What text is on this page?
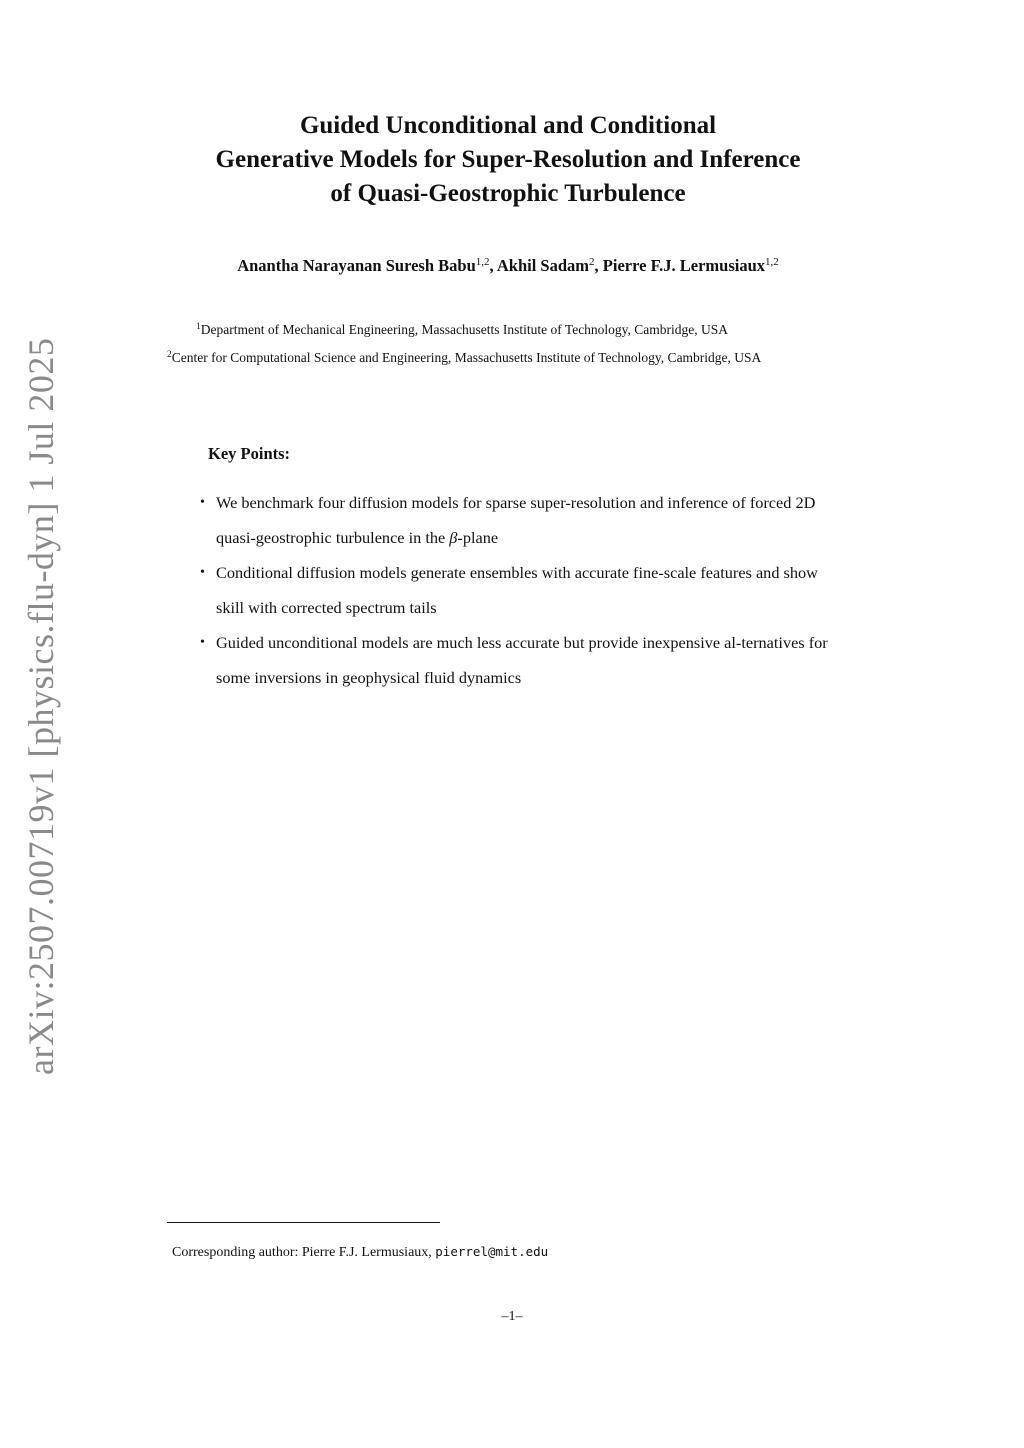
arXiv:2507.00719v1 [physics.flu-dyn] 1 Jul 2025
Guided Unconditional and Conditional
Generative Models for Super-Resolution and Inference
of Quasi-Geostrophic Turbulence
Anantha Narayanan Suresh Babu$^{1,2}$, Akhil Sadam$^2$, Pierre F.J. Lermusiaux$^{1,2}$
$^1$Department of Mechanical Engineering, Massachusetts Institute of Technology, Cambridge, USA
$^2$Center for Computational Science and Engineering, Massachusetts Institute of Technology, Cambridge, USA
Key Points:
• We benchmark four diffusion models for sparse super-resolution and inference of forced 2D quasi-geostrophic turbulence in the β-plane
• Conditional diffusion models generate ensembles with accurate fine-scale features and show skill with corrected spectrum tails
• Guided unconditional models are much less accurate but provide inexpensive al-ternatives for some inversions in geophysical fluid dynamics
Corresponding author: Pierre F.J. Lermusiaux, pierrel@mit.edu
–1–
